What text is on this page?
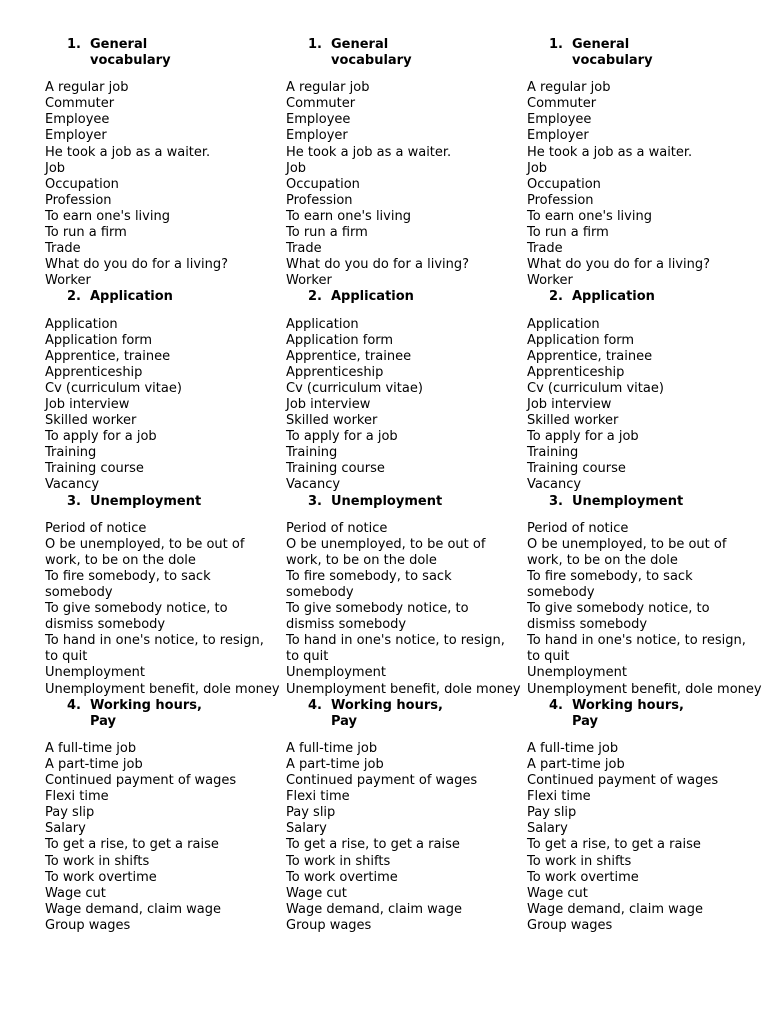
1. General vocabulary
A regular job
Commuter
Employee
Employer
He took a job as a waiter.
Job
Occupation
Profession
To earn one's living
To run a firm
Trade
What do you do for a living?
Worker
2. Application
Application
Application form
Apprentice, trainee
Apprenticeship
Cv (curriculum vitae)
Job interview
Skilled worker
To apply for a job
Training
Training course
Vacancy
3. Unemployment
Period of notice
O be unemployed, to be out of work, to be on the dole
To fire somebody, to sack somebody
To give somebody notice, to dismiss somebody
To hand in one's notice, to resign, to quit
Unemployment
Unemployment benefit, dole money
4. Working hours, Pay
A full-time job
A part-time job
Continued payment of wages
Flexi time
Pay slip
Salary
To get a rise, to get a raise
To work in shifts
To work overtime
Wage cut
Wage demand, claim wage
Group wages
1. General vocabulary
A regular job
Commuter
Employee
Employer
He took a job as a waiter.
Job
Occupation
Profession
To earn one's living
To run a firm
Trade
What do you do for a living?
Worker
2. Application
Application
Application form
Apprentice, trainee
Apprenticeship
Cv (curriculum vitae)
Job interview
Skilled worker
To apply for a job
Training
Training course
Vacancy
3. Unemployment
Period of notice
O be unemployed, to be out of work, to be on the dole
To fire somebody, to sack somebody
To give somebody notice, to dismiss somebody
To hand in one's notice, to resign, to quit
Unemployment
Unemployment benefit, dole money
4. Working hours, Pay
A full-time job
A part-time job
Continued payment of wages
Flexi time
Pay slip
Salary
To get a rise, to get a raise
To work in shifts
To work overtime
Wage cut
Wage demand, claim wage
Group wages
1. General vocabulary
A regular job
Commuter
Employee
Employer
He took a job as a waiter.
Job
Occupation
Profession
To earn one's living
To run a firm
Trade
What do you do for a living?
Worker
2. Application
Application
Application form
Apprentice, trainee
Apprenticeship
Cv (curriculum vitae)
Job interview
Skilled worker
To apply for a job
Training
Training course
Vacancy
3. Unemployment
Period of notice
O be unemployed, to be out of work, to be on the dole
To fire somebody, to sack somebody
To give somebody notice, to dismiss somebody
To hand in one's notice, to resign, to quit
Unemployment
Unemployment benefit, dole money
4. Working hours, Pay
A full-time job
A part-time job
Continued payment of wages
Flexi time
Pay slip
Salary
To get a rise, to get a raise
To work in shifts
To work overtime
Wage cut
Wage demand, claim wage
Group wages
